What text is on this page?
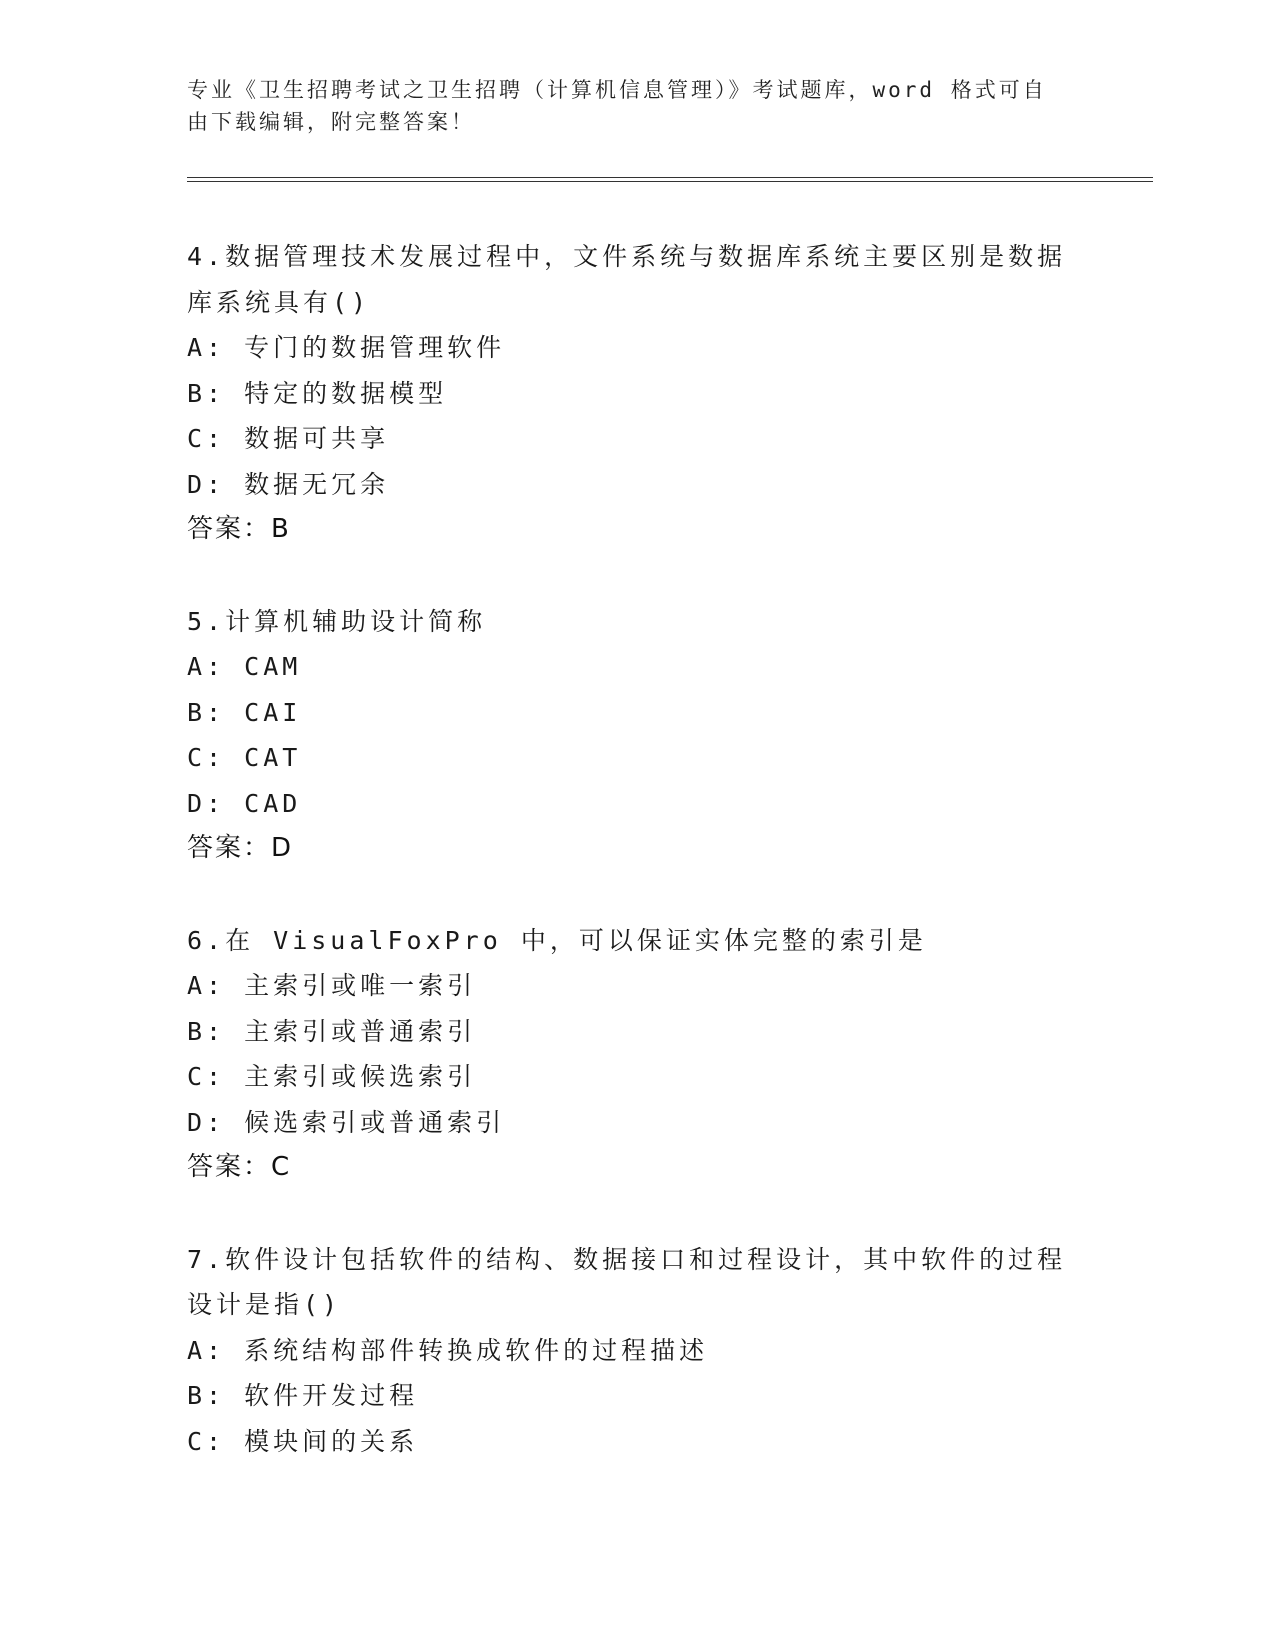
专业《卫生招聘考试之卫生招聘（计算机信息管理）》考试题库，word 格式可自由下载编辑，附完整答案！
4.数据管理技术发展过程中，文件系统与数据库系统主要区别是数据库系统具有()
A: 专门的数据管理软件
B: 特定的数据模型
C: 数据可共享
D: 数据无冗余
答案：B
5.计算机辅助设计简称
A: CAM
B: CAI
C: CAT
D: CAD
答案：D
6.在 VisualFoxPro 中，可以保证实体完整的索引是
A: 主索引或唯一索引
B: 主索引或普通索引
C: 主索引或候选索引
D: 候选索引或普通索引
答案：C
7.软件设计包括软件的结构、数据接口和过程设计，其中软件的过程设计是指()
A: 系统结构部件转换成软件的过程描述
B: 软件开发过程
C: 模块间的关系
